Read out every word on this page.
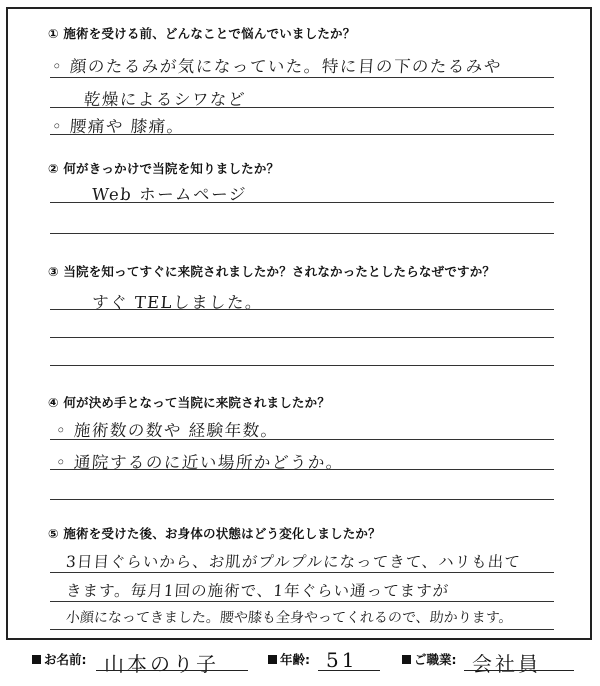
① 施術を受ける前、どんなことで悩んでいましたか？
◦ 顔のたるみが気になっていた。特に目の下のたるみや
乾燥によるシワなど
◦ 腰痛や 膝痛。
② 何がきっかけで当院を知りましたか？
Web ホームページ
③ 当院を知ってすぐに来院されましたか？されなかったとしたらなぜですか？
すぐ TELしました。
④ 何が決め手となって当院に来院されましたか？
◦ 施術数の数や 経験年数。
◦ 通院するのに近い場所かどうか。
⑤ 施術を受けた後、お身体の状態はどう変化しましたか？
3日目ぐらいから、お肌がプルプルになってきて、ハリも出て
きます。毎月1回の施術で、1年ぐらい通ってますが
小顔になってきました。腰や膝も全身やってくれるので、助かります。
お名前: 山本のり子	年齢: 51	ご職業: 会社員
